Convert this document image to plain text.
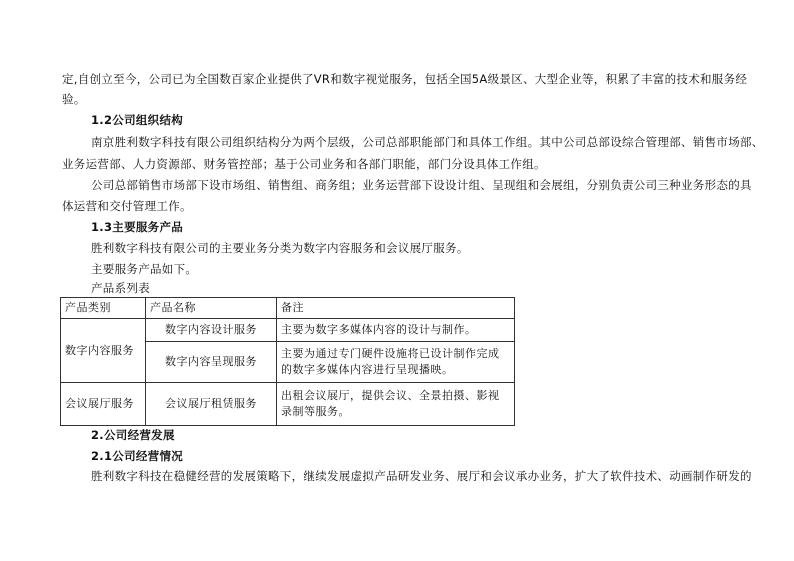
定,自创立至今，公司已为全国数百家企业提供了VR和数字视觉服务，包括全国5A级景区、大型企业等，积累了丰富的技术和服务经
验。
1.2公司组织结构
南京胜利数字科技有限公司组织结构分为两个层级，公司总部职能部门和具体工作组。其中公司总部设综合管理部、销售市场部、
业务运营部、人力资源部、财务管控部；基于公司业务和各部门职能，部门分设具体工作组。
公司总部销售市场部下设市场组、销售组、商务组；业务运营部下设设计组、呈现组和会展组，分别负责公司三种业务形态的具
体运营和交付管理工作。
1.3主要服务产品
胜利数字科技有限公司的主要业务分类为数字内容服务和会议展厅服务。
主要服务产品如下。
产品系列表
产品类别	产品名称	备注
数字内容服务	数字内容设计服务	主要为数字多媒体内容的设计与制作。
	数字内容呈现服务	主要为通过专门硬件设施将已设计制作完成的数字多媒体内容进行呈现播映。
会议展厅服务	会议展厅租赁服务	出租会议展厅，提供会议、全景拍摄、影视录制等服务。
2.公司经营发展
2.1公司经营情况
胜利数字科技在稳健经营的发展策略下，继续发展虚拟产品研发业务、展厅和会议承办业务，扩大了软件技术、动画制作研发的
